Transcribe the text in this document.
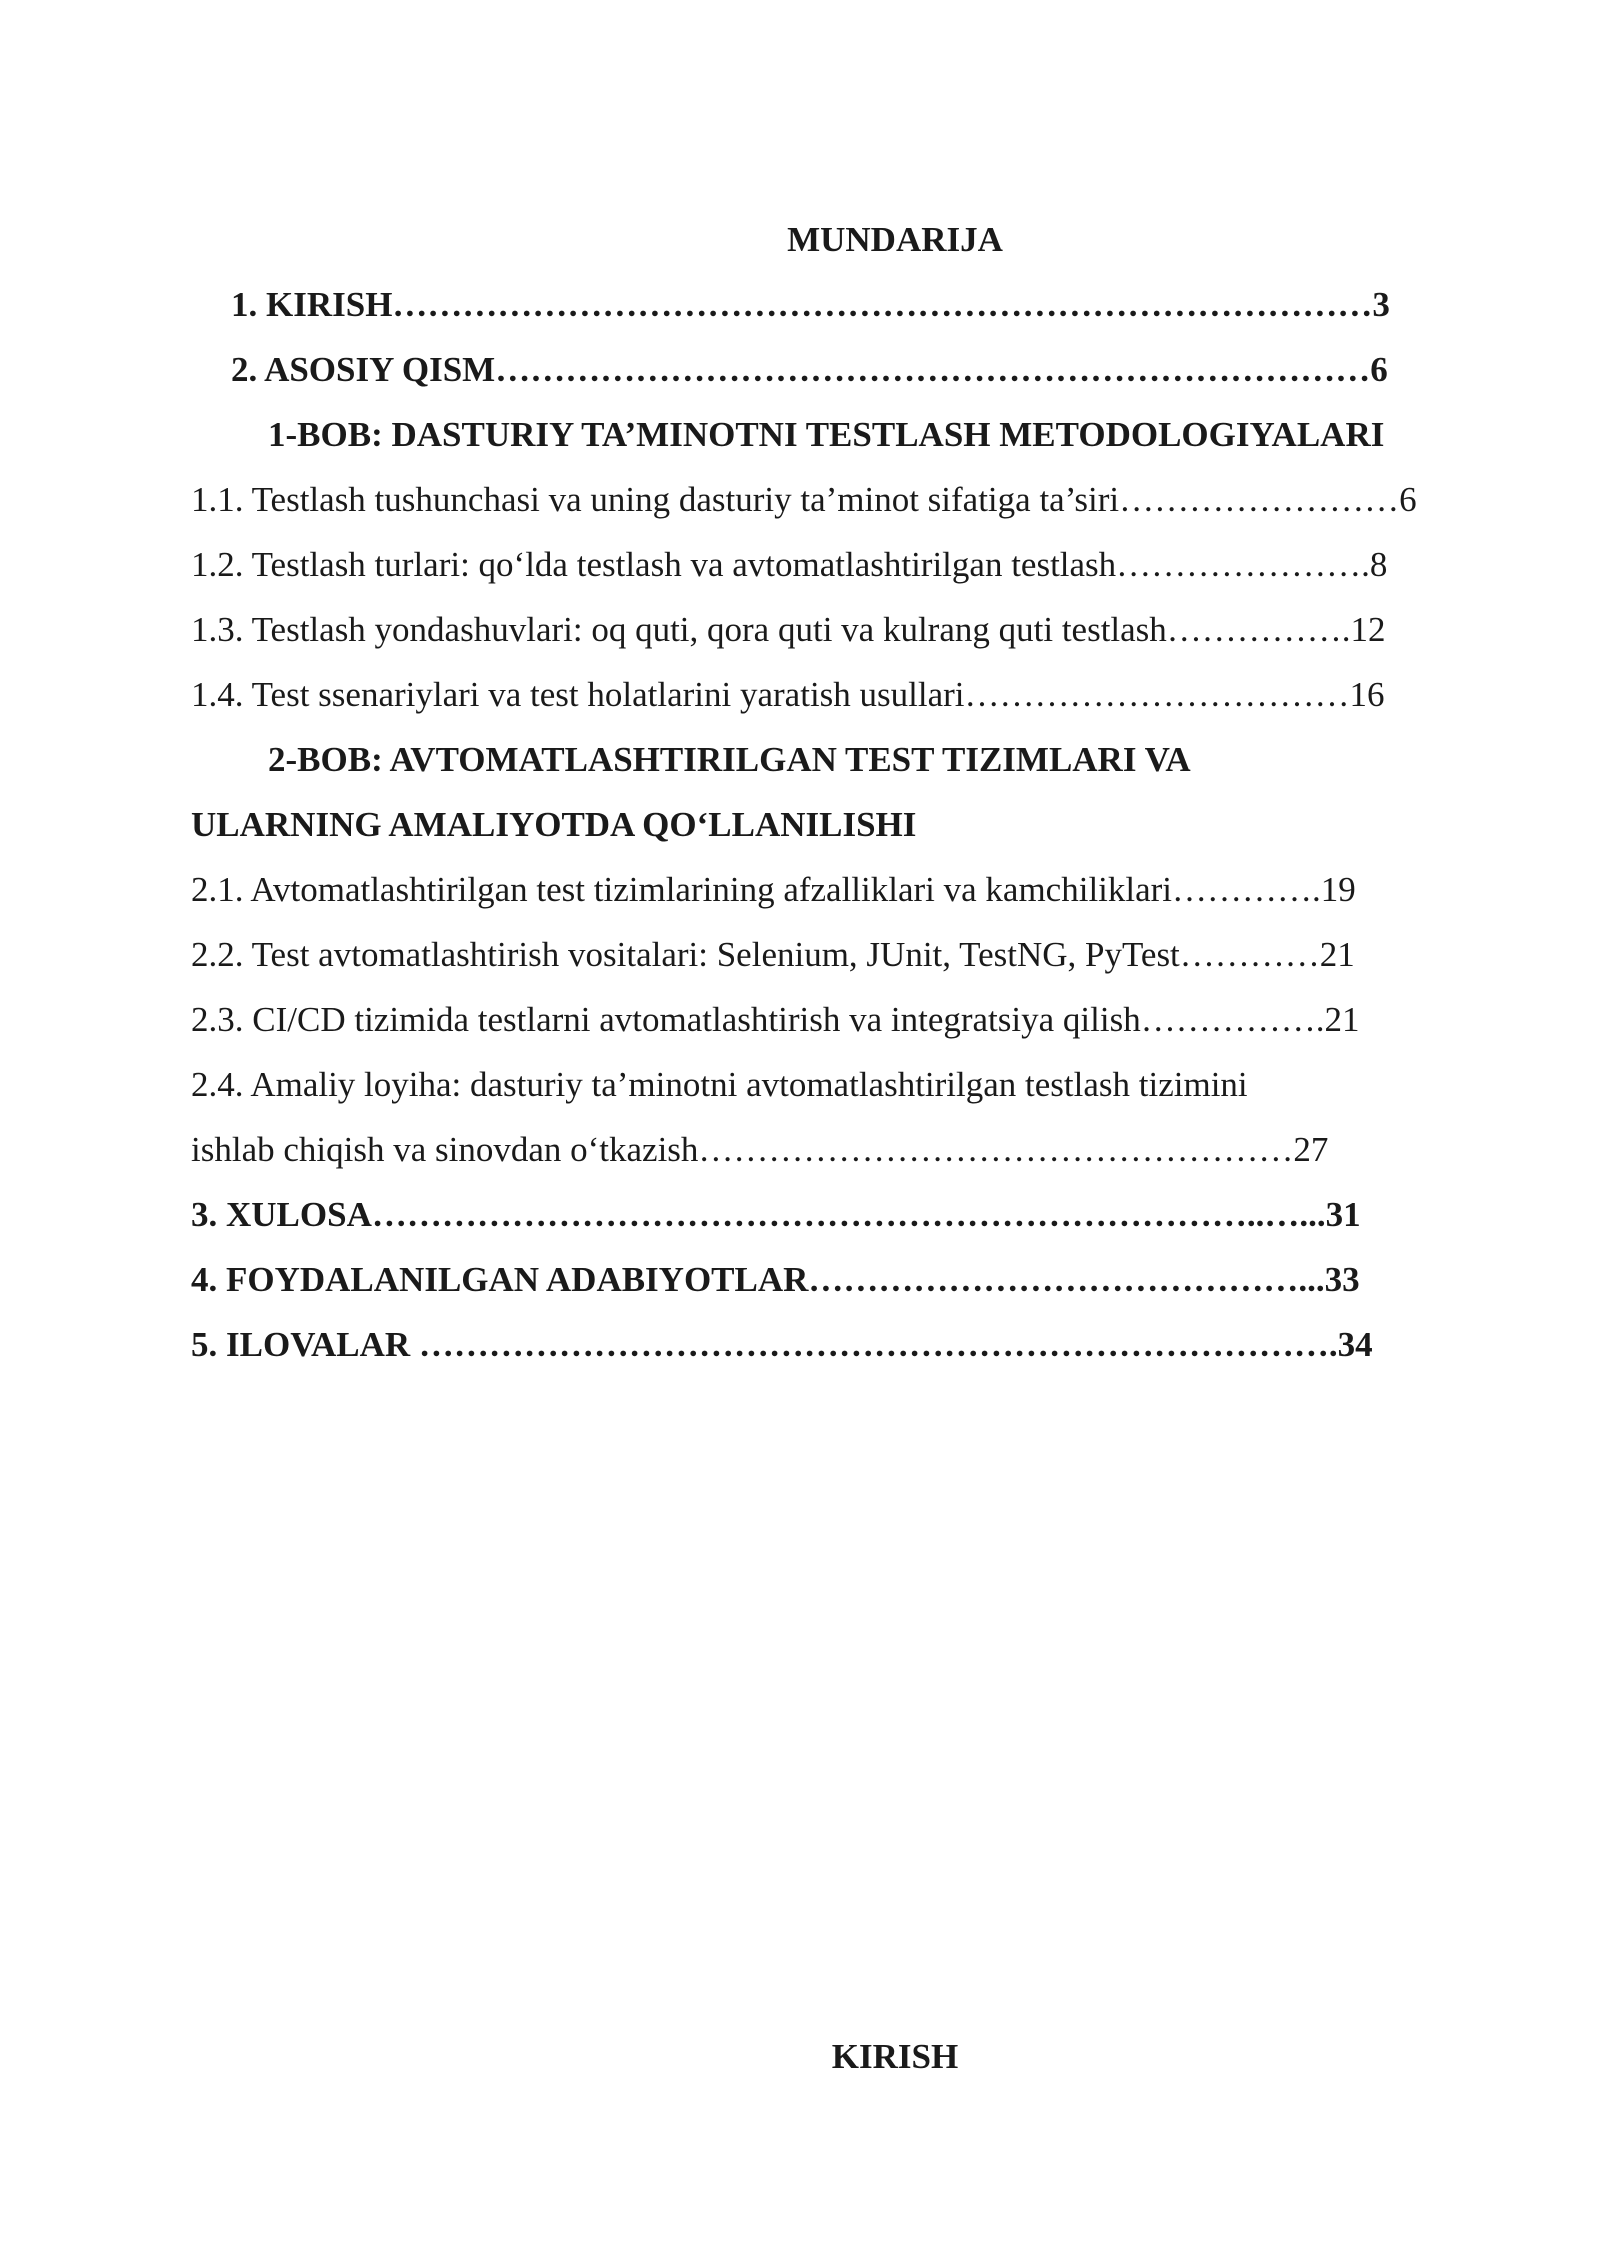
MUNDARIJA
1. KIRISH…………………………………………………………………………3
2. ASOSIY QISM…………………………………………………………………6
1-BOB: DASTURIY TA’MINOTNI TESTLASH METODOLOGIYALARI
1.1. Testlash tushunchasi va uning dasturiy ta’minot sifatiga ta’siri……………………6
1.2. Testlash turlari: qo‘lda testlash va avtomatlashtirilgan testlash………………….8
1.3. Testlash yondashuvlari: oq quti, qora quti va kulrang quti testlash…………….12
1.4. Test ssenariylari va test holatlarini yaratish usullari……………………………16
2-BOB: AVTOMATLASHTIRILGAN TEST TIZIMLARI VA
ULARNING AMALIYOTDA QO‘LLANILISHI
2.1. Avtomatlashtirilgan test tizimlarining afzalliklari va kamchiliklari………….19
2.2. Test avtomatlashtirish vositalari: Selenium, JUnit, TestNG, PyTest…………21
2.3. CI/CD tizimida testlarni avtomatlashtirish va integratsiya qilish…………….21
2.4. Amaliy loyiha: dasturiy ta’minotni avtomatlashtirilgan testlash tizimini
ishlab chiqish va sinovdan o‘tkazish……………………………………………27
3. XULOSA…………………………………………………………………..…...31
4. FOYDALANILGAN ADABIYOTLAR……………………………………...33
5. ILOVALAR …………………………………………………………………….34
KIRISH
